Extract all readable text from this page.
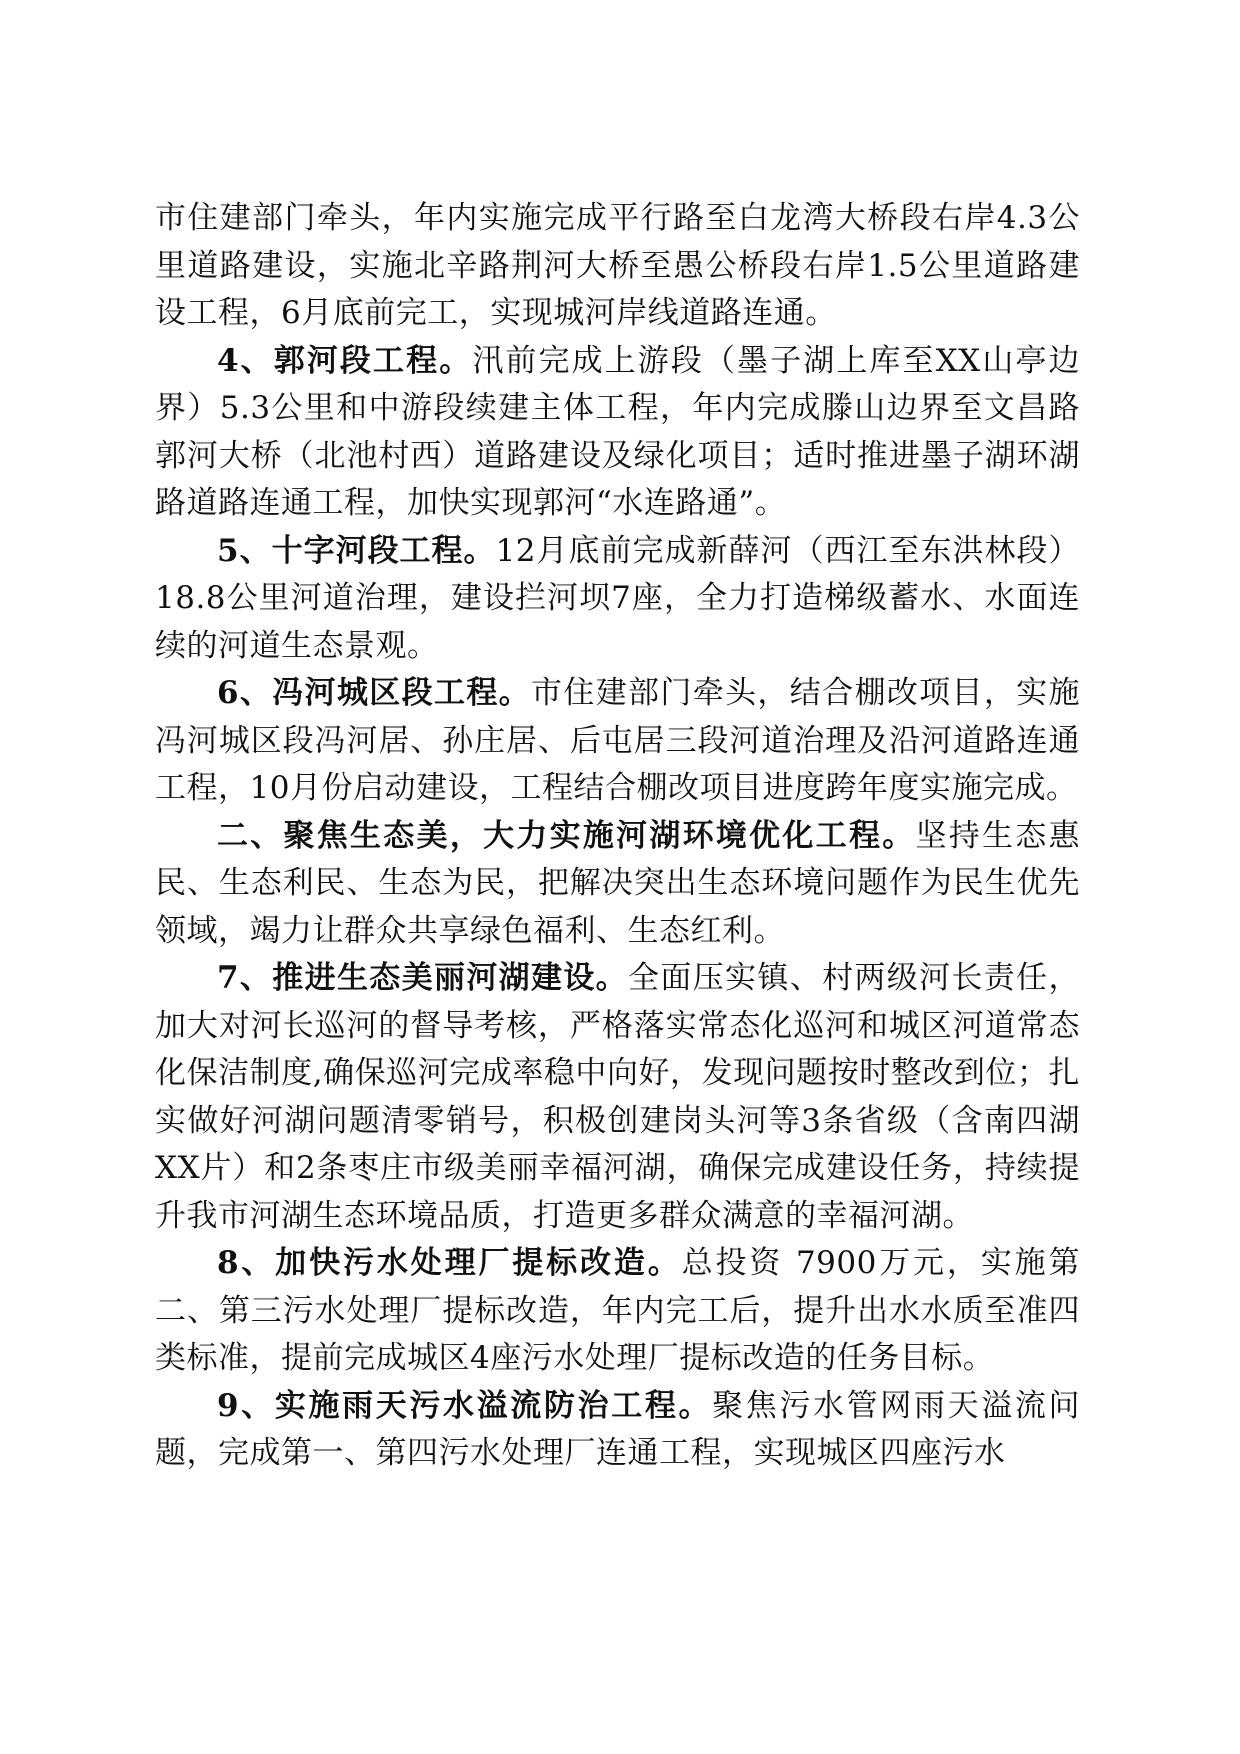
市住建部门牵头，年内实施完成平行路至白龙湾大桥段右岸4.3公里道路建设，实施北辛路荆河大桥至愚公桥段右岸1.5公里道路建设工程，6月底前完工，实现城河岸线道路连通。

4、郭河段工程。汛前完成上游段（墨子湖上库至XX山亭边界）5.3公里和中游段续建主体工程，年内完成滕山边界至文昌路郭河大桥（北池村西）道路建设及绿化项目；适时推进墨子湖环湖路道路连通工程，加快实现郭河“水连路通”。

5、十字河段工程。12月底前完成新薛河（西江至东洪林段）18.8公里河道治理，建设拦河坝7座，全力打造梯级蓄水、水面连续的河道生态景观。

6、冯河城区段工程。市住建部门牵头，结合棚改项目，实施冯河城区段冯河居、孙庄居、后屯居三段河道治理及沿河道路连通工程，10月份启动建设，工程结合棚改项目进度跨年度实施完成。

二、聚焦生态美，大力实施河湖环境优化工程。坚持生态惠民、生态利民、生态为民，把解决突出生态环境问题作为民生优先领域，竭力让群众共享绿色福利、生态红利。

7、推进生态美丽河湖建设。全面压实镇、村两级河长责任，加大对河长巡河的督导考核，严格落实常态化巡河和城区河道常态化保洁制度,确保巡河完成率稳中向好，发现问题按时整改到位；扎实做好河湖问题清零销号，积极创建岗头河等3条省级（含南四湖XX片）和2条枣庄市级美丽幸福河湖，确保完成建设任务，持续提升我市河湖生态环境品质，打造更多群众满意的幸福河湖。

8、加快污水处理厂提标改造。总投资 7900万元，实施第二、第三污水处理厂提标改造，年内完工后，提升出水水质至准四类标准，提前完成城区4座污水处理厂提标改造的任务目标。

9、实施雨天污水溢流防治工程。聚焦污水管网雨天溢流问题，完成第一、第四污水处理厂连通工程，实现城区四座污水
